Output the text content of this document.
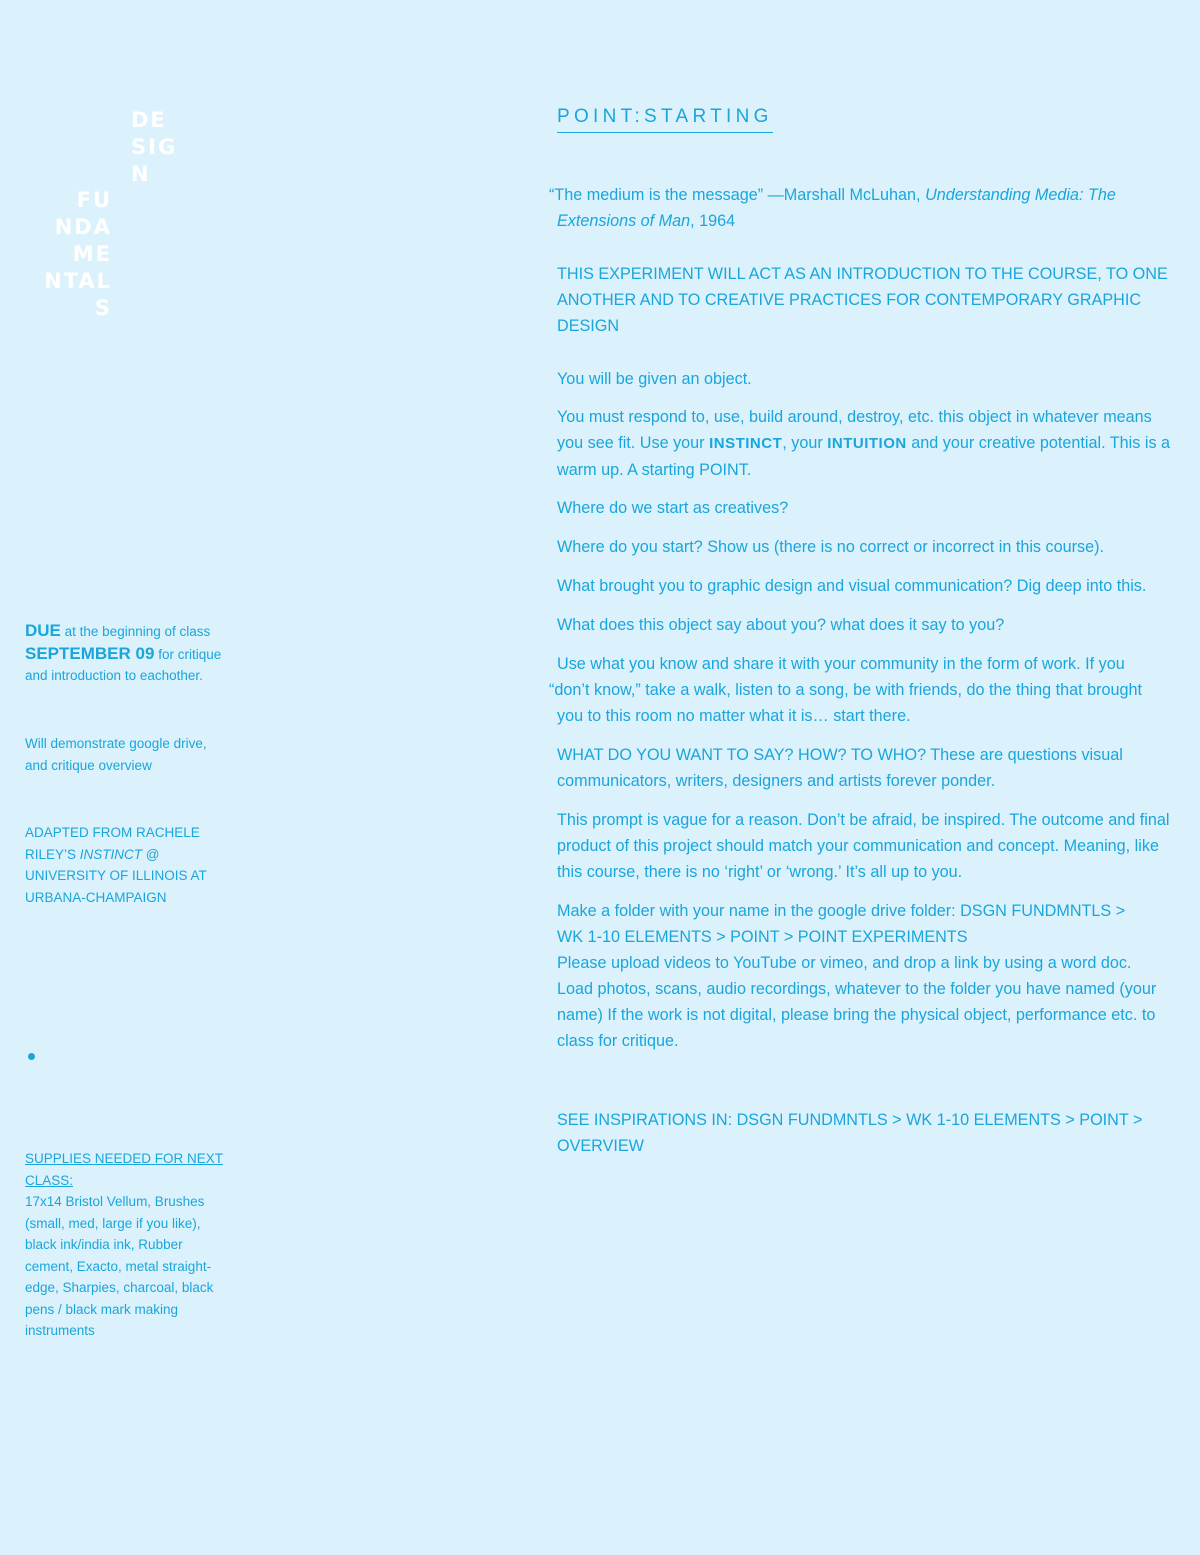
DE
SIG
N
FU
NDA
ME
NTAL
S
DUE at the beginning of class
SEPTEMBER 09 for critique
and introduction to eachother.
Will demonstrate google drive,
and critique overview
ADAPTED FROM RACHELE
RILEY’S INSTINCT @
UNIVERSITY OF ILLINOIS AT
URBANA-CHAMPAIGN
SUPPLIES NEEDED FOR NEXT
CLASS:
17x14 Bristol Vellum, Brushes
(small, med, large if you like),
black ink/india ink, Rubber
cement, Exacto, metal straight-
edge, Sharpies, charcoal, black
pens / black mark making
instruments
POINT:STARTING
“The medium is the message” —Marshall McLuhan, Understanding Media: The
Extensions of Man, 1964
THIS EXPERIMENT WILL ACT AS AN INTRODUCTION TO THE COURSE, TO ONE
ANOTHER AND TO CREATIVE PRACTICES FOR CONTEMPORARY GRAPHIC DESIGN
You will be given an object.
You must respond to, use, build around, destroy, etc. this object in whatever means
you see fit. Use your INSTINCT, your INTUITION and your creative potential. This is a
warm up. A starting POINT.
Where do we start as creatives?
Where do you start? Show us (there is no correct or incorrect in this course).
What brought you to graphic design and visual communication? Dig deep into this.
What does this object say about you? what does it say to you?
Use what you know and share it with your community in the form of work. If you
“don’t know,” take a walk, listen to a song, be with friends, do the thing that brought
you to this room no matter what it is… start there.
WHAT DO YOU WANT TO SAY? HOW? TO WHO? These are questions visual
communicators, writers, designers and artists forever ponder.
This prompt is vague for a reason. Don’t be afraid, be inspired. The outcome and final
product of this project should match your communication and concept. Meaning, like
this course, there is no ‘right’ or ‘wrong.’ It’s all up to you.
Make a folder with your name in the google drive folder: DSGN FUNDMNTLS >
WK 1-10 ELEMENTS > POINT > POINT EXPERIMENTS
Please upload videos to YouTube or vimeo, and drop a link by using a word doc.
Load photos, scans, audio recordings, whatever to the folder you have named (your
name) If the work is not digital, please bring the physical object, performance etc. to
class for critique.
SEE INSPIRATIONS IN: DSGN FUNDMNTLS > WK 1-10 ELEMENTS > POINT >
OVERVIEW
